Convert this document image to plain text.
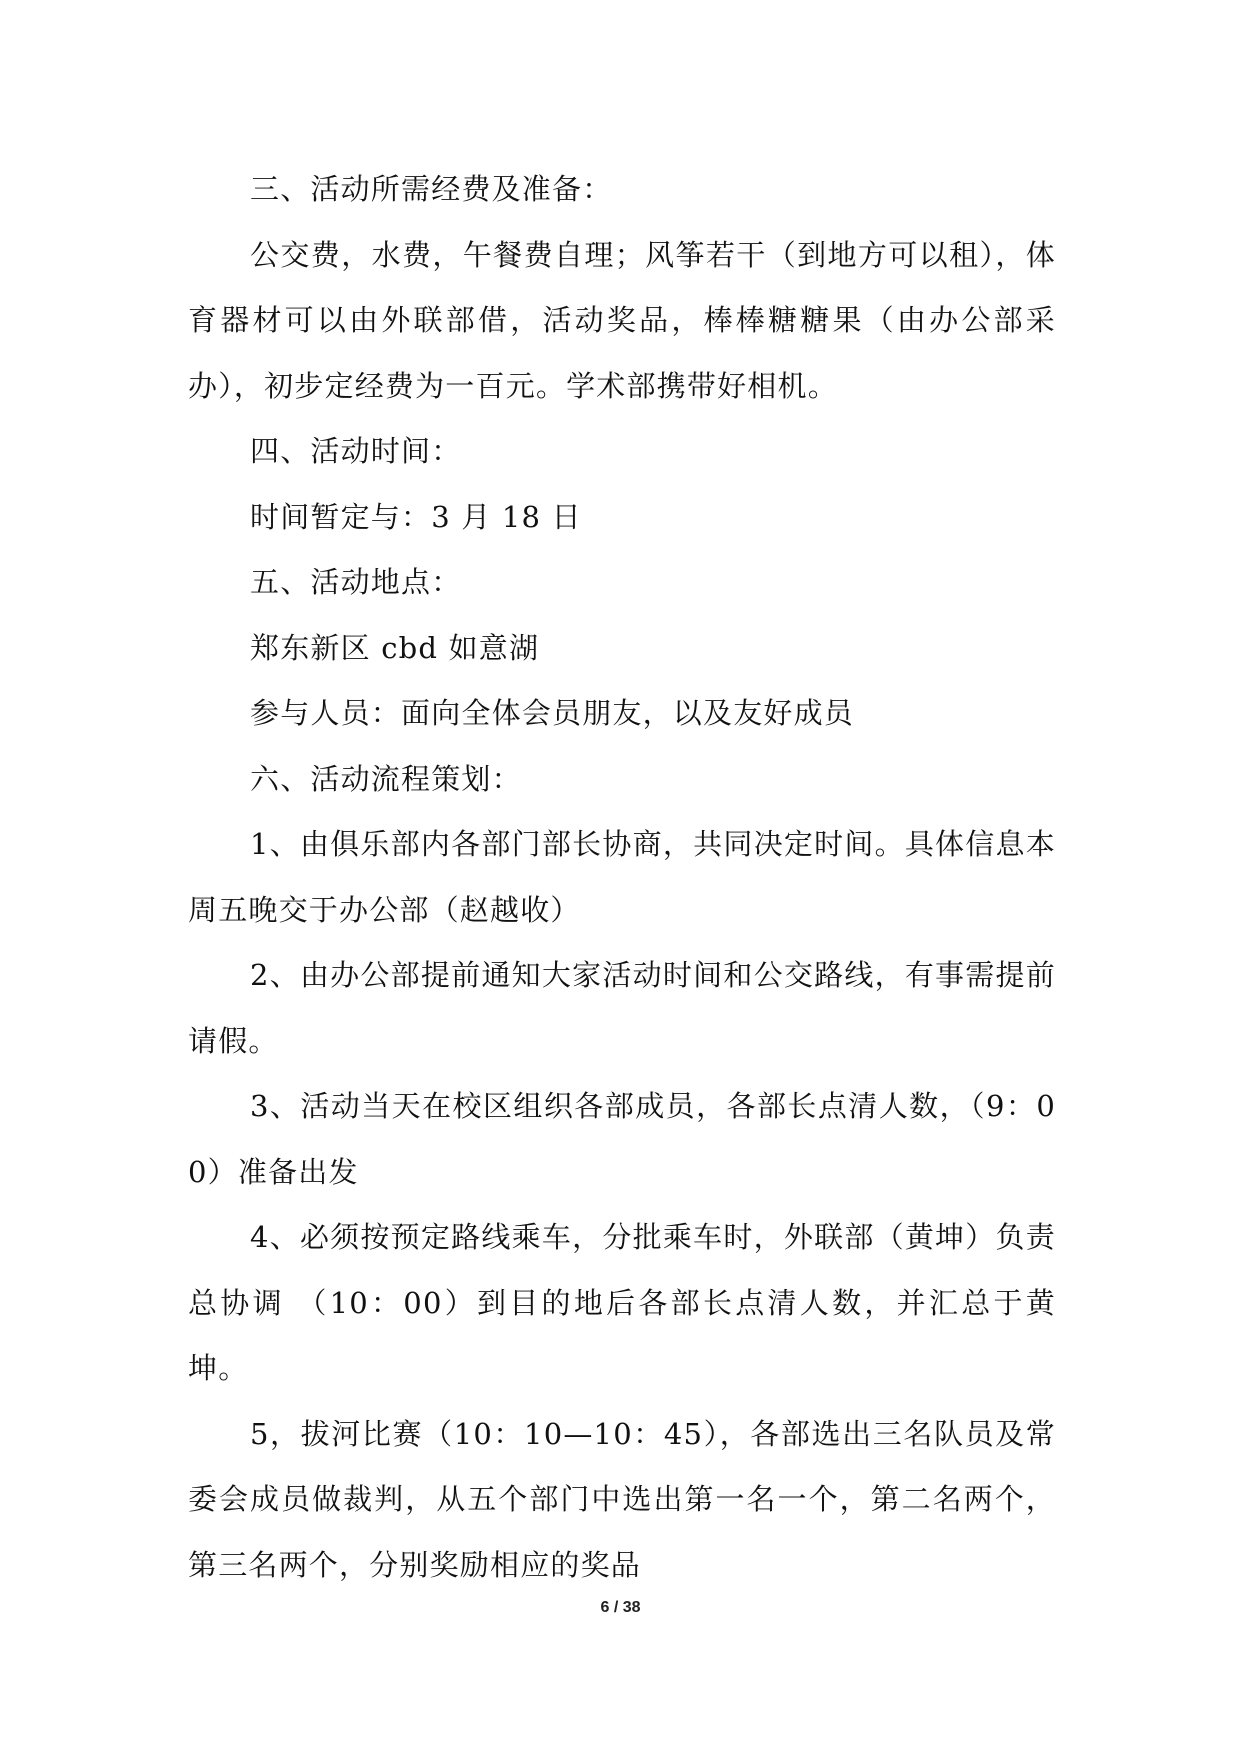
三、活动所需经费及准备：

公交费，水费，午餐费自理；风筝若干（到地方可以租），体育器材可以由外联部借，活动奖品，棒棒糖糖果（由办公部采办），初步定经费为一百元。学术部携带好相机。

四、活动时间：

时间暂定与：3 月 18 日

五、活动地点：

郑东新区 cbd 如意湖

参与人员：面向全体会员朋友，以及友好成员

六、活动流程策划：

1、由俱乐部内各部门部长协商，共同决定时间。具体信息本周五晚交于办公部（赵越收）

2、由办公部提前通知大家活动时间和公交路线，有事需提前请假。

3、活动当天在校区组织各部成员，各部长点清人数，（9：00）准备出发

4、必须按预定路线乘车，分批乘车时，外联部（黄坤）负责总协调 （10：00）到目的地后各部长点清人数，并汇总于黄坤。

5，拔河比赛（10：10—10：45），各部选出三名队员及常委会成员做裁判，从五个部门中选出第一名一个，第二名两个，第三名两个，分别奖励相应的奖品

6 / 38
